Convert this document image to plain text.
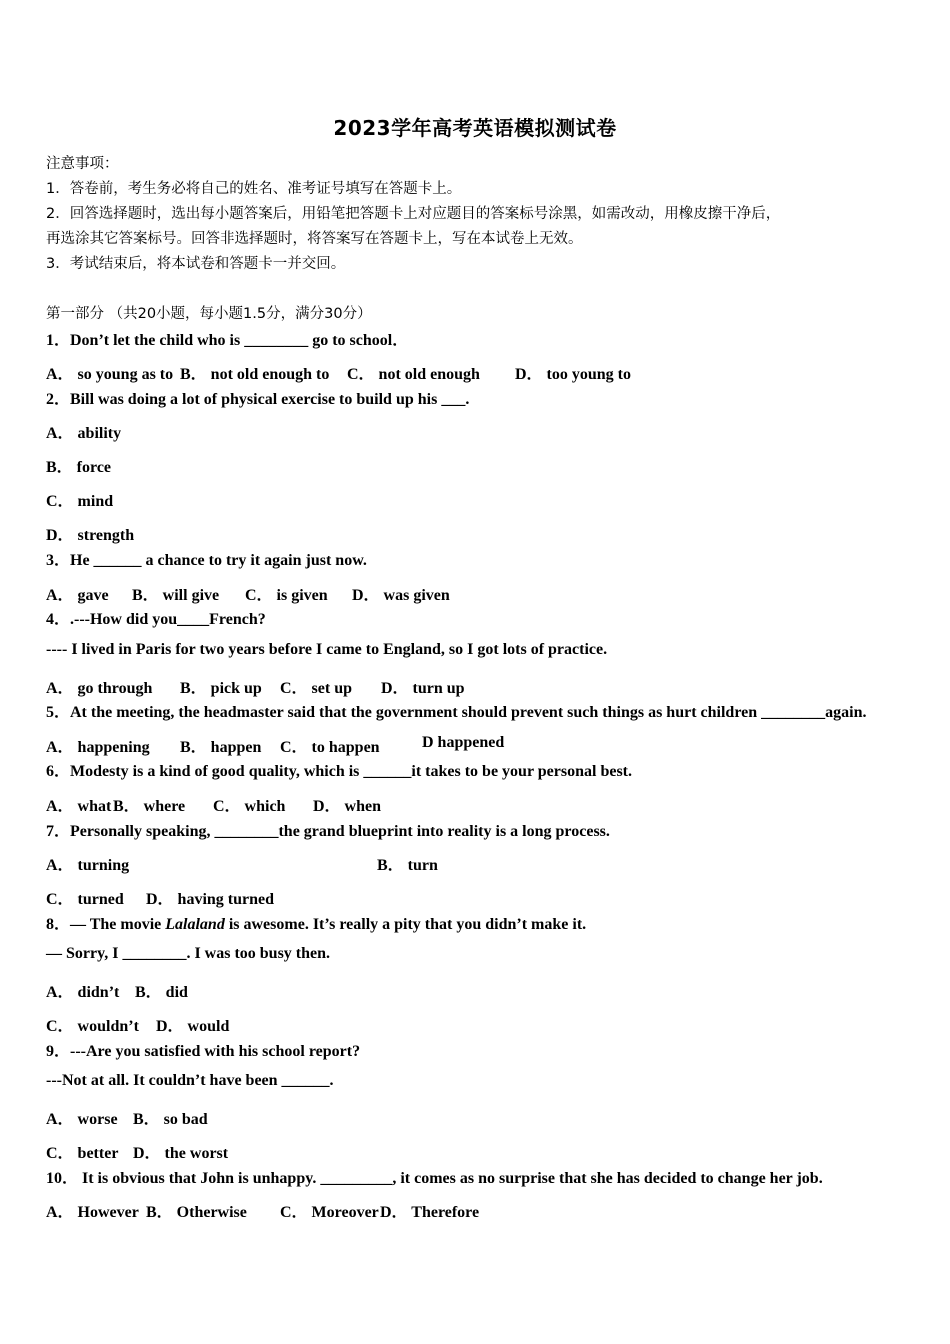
2023学年高考英语模拟测试卷
注意事项：
1．答卷前，考生务必将自己的姓名、准考证号填写在答题卡上。
2．回答选择题时，选出每小题答案后，用铅笔把答题卡上对应题目的答案标号涂黑，如需改动，用橡皮擦干净后，
再选涂其它答案标号。回答非选择题时，将答案写在答题卡上，写在本试卷上无效。
3．考试结束后，将本试卷和答题卡一并交回。
第一部分 （共20小题，每小题1.5分，满分30分）
1．Don’t let the child who is ________ go to school．
A． so young as to B． not old enough to C． not old enough D． too young to
2．Bill was doing a lot of physical exercise to build up his ___.
A． ability
B． force
C． mind
D． strength
3．He ______ a chance to try it again just now.
A． gave B． will give C． is given D． was given
4．.---How did you____French?
---- I lived in Paris for two years before I came to England, so I got lots of practice.
A． go through B． pick up C． set up D． turn up
5．At the meeting, the headmaster said that the government should prevent such things as hurt children ________again.
A． happening B． happen C． to happen	D happened
6．Modesty is a kind of good quality, which is ______it takes to be your personal best.
A． what B． where C． which D． when
7．Personally speaking, ________the grand blueprint into reality is a long process.
A． turning	B． turn
C． turned D． having turned
8．— The movie Lalaland is awesome. It’s really a pity that you didn’t make it.
— Sorry, I ________. I was too busy then.
A． didn’t B． did
C． wouldn’t D． would
9．---Are you satisfied with his school report?
---Not at all. It couldn’t have been ______.
A． worse B． so bad
C． better D． the worst
10． It is obvious that John is unhappy. _________, it comes as no surprise that she has decided to change her job.
A． However B． Otherwise C． Moreover D． Therefore
